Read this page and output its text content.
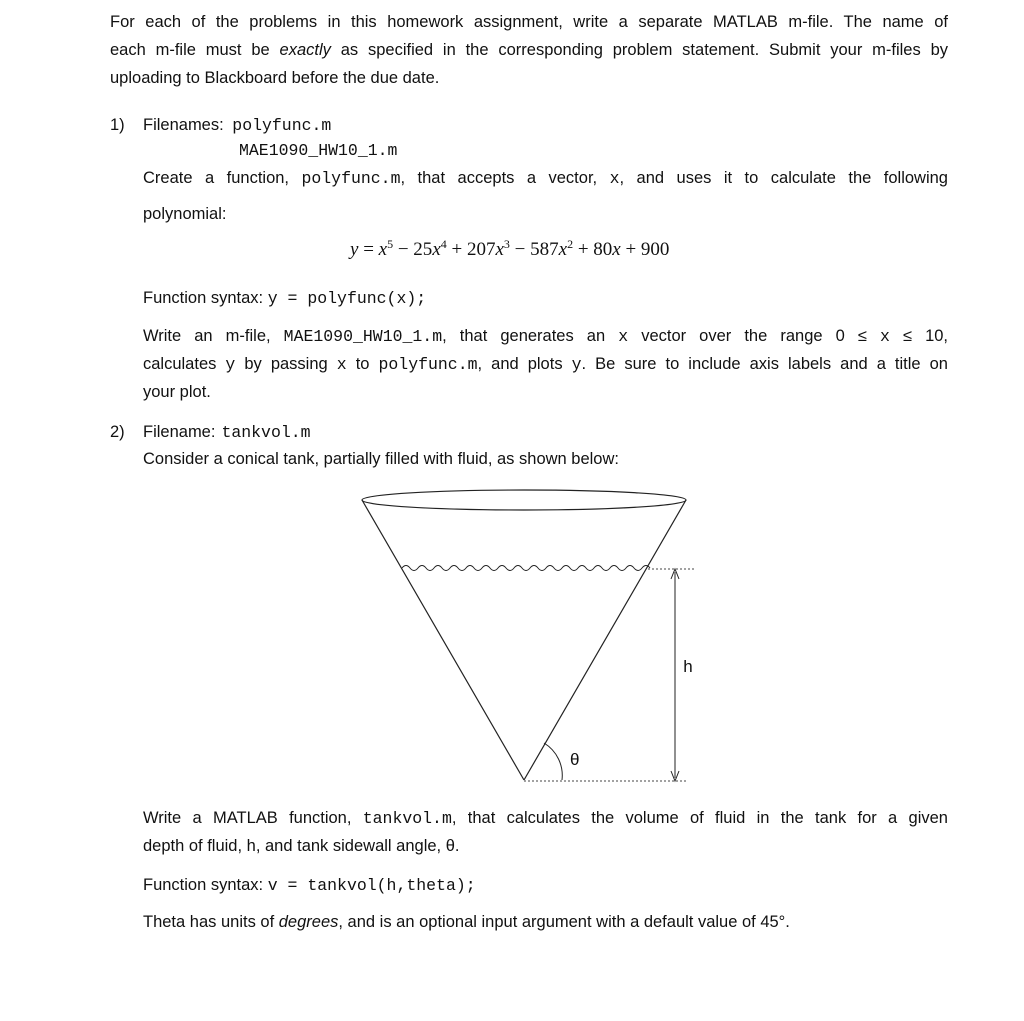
For each of the problems in this homework assignment, write a separate MATLAB m-file. The name of
each m-file must be exactly as specified in the corresponding problem statement. Submit your m-files by
uploading to Blackboard before the due date.
1) Filenames: polyfunc.m
MAE1090_HW10_1.m
Create a function, polyfunc.m, that accepts a vector, x, and uses it to calculate the following
polynomial:
$y = x^5 - 25x^4 + 207x^3 - 587x^2 + 80x + 900$
Function syntax: y = polyfunc(x);
Write an m-file, MAE1090_HW10_1.m, that generates an x vector over the range 0 ≤ x ≤ 10,
calculates y by passing x to polyfunc.m, and plots y. Be sure to include axis labels and a title on
your plot.
2) Filename: tankvol.m
Consider a conical tank, partially filled with fluid, as shown below:
h
θ
Write a MATLAB function, tankvol.m, that calculates the volume of fluid in the tank for a given
depth of fluid, h, and tank sidewall angle, θ.
Function syntax: v = tankvol(h,theta);
Theta has units of degrees, and is an optional input argument with a default value of 45°.
